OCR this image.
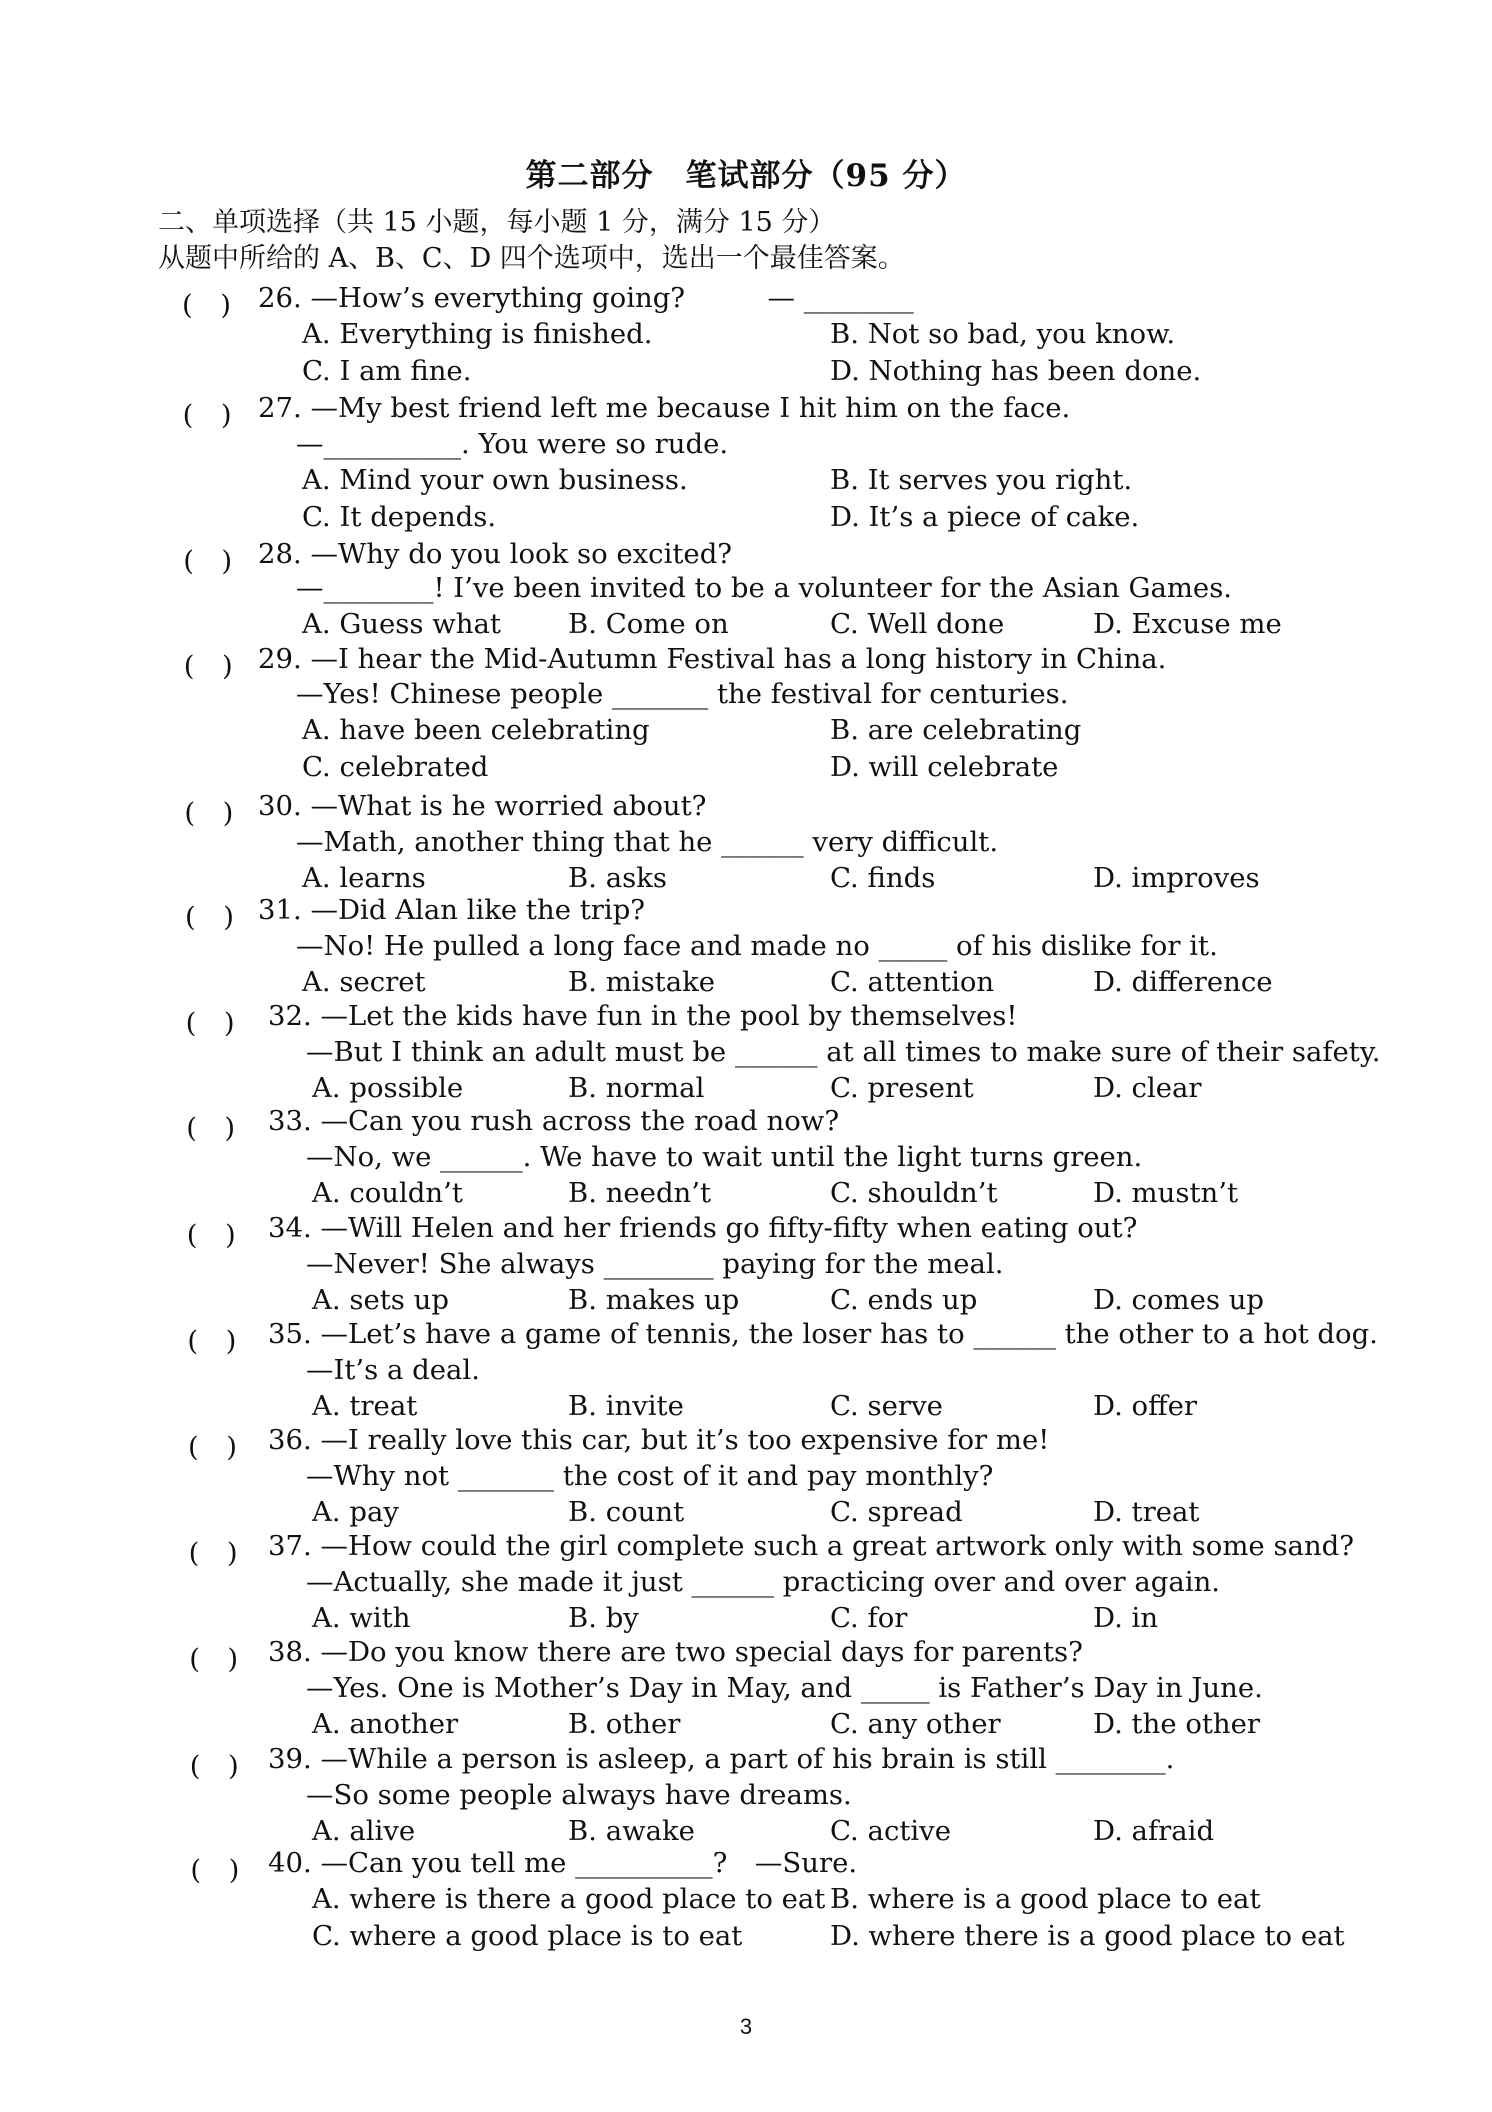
第二部分　笔试部分（95 分）
二、单项选择（共 15 小题，每小题 1 分，满分 15 分）
从题中所给的 A、B、C、D 四个选项中，选出一个最佳答案。
(　) 26. —How’s everything going?　　　— ________
A. Everything is finished.	B. Not so bad, you know.
C. I am fine.	D. Nothing has been done.
(　) 27. —My best friend left me because I hit him on the face.
—__________. You were so rude.
A. Mind your own business.	B. It serves you right.
C. It depends.	D. It’s a piece of cake.
(　) 28. —Why do you look so excited?
—________! I’ve been invited to be a volunteer for the Asian Games.
A. Guess what B. Come on	C. Well done	D. Excuse me
(　) 29. —I hear the Mid-Autumn Festival has a long history in China.
—Yes! Chinese people _______ the festival for centuries.
A. have been celebrating	B. are celebrating
C. celebrated	D. will celebrate
(　) 30. —What is he worried about?
—Math, another thing that he ______ very difficult.
A. learns	B. asks	C. finds	D. improves
(　) 31. —Did Alan like the trip?
—No! He pulled a long face and made no _____ of his dislike for it.
A. secret	B. mistake	C. attention	D. difference
(　) 32. —Let the kids have fun in the pool by themselves!
—But I think an adult must be ______ at all times to make sure of their safety.
A. possible	B. normal	C. present	D. clear
(　) 33. —Can you rush across the road now?
—No, we ______. We have to wait until the light turns green.
A. couldn’t	B. needn’t	C. shouldn’t	D. mustn’t
(　) 34. —Will Helen and her friends go fifty-fifty when eating out?
—Never! She always ________ paying for the meal.
A. sets up	B. makes up	C. ends up	D. comes up
(　) 35. —Let’s have a game of tennis, the loser has to ______ the other to a hot dog.
—It’s a deal.
A. treat	B. invite	C. serve	D. offer
(　) 36. —I really love this car, but it’s too expensive for me!
—Why not _______ the cost of it and pay monthly?
A. pay	B. count	C. spread	D. treat
(　) 37. —How could the girl complete such a great artwork only with some sand?
—Actually, she made it just ______ practicing over and over again.
A. with	B. by	C. for	D. in
(　) 38. —Do you know there are two special days for parents?
—Yes. One is Mother’s Day in May, and _____ is Father’s Day in June.
A. another	B. other	C. any other	D. the other
(　) 39. —While a person is asleep, a part of his brain is still ________.
—So some people always have dreams.
A. alive	B. awake	C. active	D. afraid
(　) 40. —Can you tell me __________?　—Sure.
A. where is there a good place to eat B. where is a good place to eat
C. where a good place is to eat	D. where there is a good place to eat
3
